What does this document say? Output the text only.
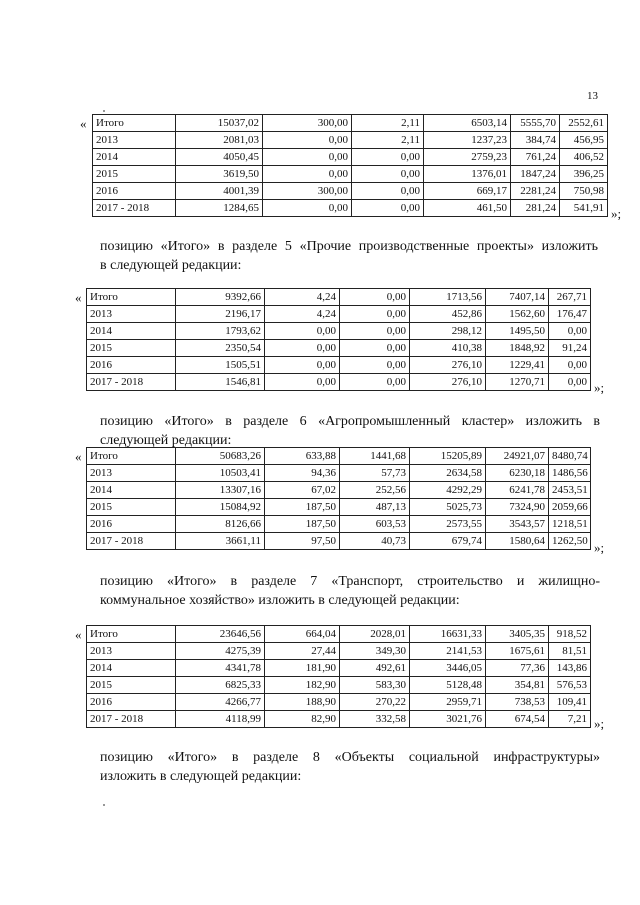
13
« Итого	15037,02	300,00	2,11	6503,14	5555,70	2552,61
2013	2081,03	0,00	2,11	1237,23	384,74	456,95
2014	4050,45	0,00	0,00	2759,23	761,24	406,52
2015	3619,50	0,00	0,00	1376,01	1847,24	396,25
2016	4001,39	300,00	0,00	669,17	2281,24	750,98
2017 - 2018	1284,65	0,00	0,00	461,50	281,24	541,91 »;
позицию «Итого» в разделе 5 «Прочие производственные проекты» изложить
в следующей редакции:
« Итого	9392,66	4,24	0,00	1713,56	7407,14	267,71
2013	2196,17	4,24	0,00	452,86	1562,60	176,47
2014	1793,62	0,00	0,00	298,12	1495,50	0,00
2015	2350,54	0,00	0,00	410,38	1848,92	91,24
2016	1505,51	0,00	0,00	276,10	1229,41	0,00
2017 - 2018	1546,81	0,00	0,00	276,10	1270,71	0,00 »;
позицию «Итого» в разделе 6 «Агропромышленный кластер» изложить в
следующей редакции:
« Итого	50683,26	633,88	1441,68	15205,89	24921,07	8480,74
2013	10503,41	94,36	57,73	2634,58	6230,18	1486,56
2014	13307,16	67,02	252,56	4292,29	6241,78	2453,51
2015	15084,92	187,50	487,13	5025,73	7324,90	2059,66
2016	8126,66	187,50	603,53	2573,55	3543,57	1218,51
2017 - 2018	3661,11	97,50	40,73	679,74	1580,64	1262,50 »;
позицию «Итого» в разделе 7 «Транспорт, строительство и жилищно-
коммунальное хозяйство» изложить в следующей редакции:
« Итого	23646,56	664,04	2028,01	16631,33	3405,35	918,52
2013	4275,39	27,44	349,30	2141,53	1675,61	81,51
2014	4341,78	181,90	492,61	3446,05	77,36	143,86
2015	6825,33	182,90	583,30	5128,48	354,81	576,53
2016	4266,77	188,90	270,22	2959,71	738,53	109,41
2017 - 2018	4118,99	82,90	332,58	3021,76	674,54	7,21 »;
позицию «Итого» в разделе 8 «Объекты социальной инфраструктуры»
изложить в следующей редакции:
